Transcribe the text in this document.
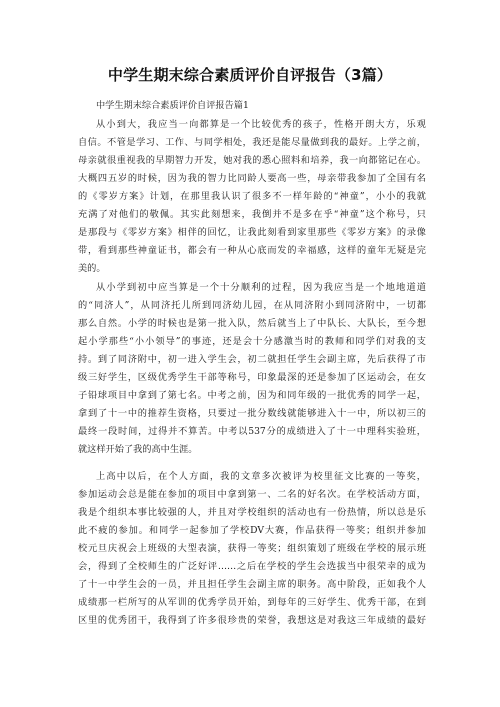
中学生期末综合素质评价自评报告（3篇）

中学生期末综合素质评价自评报告篇1

从小到大，我应当一向都算是一个比较优秀的孩子，性格开朗大方，乐观
自信。不管是学习、工作、与同学相处，我还是能尽量做到我的最好。上学之前，
母亲就很重视我的早期智力开发，她对我的悉心照料和培养，我一向都铭记在心。
大概四五岁的时候，因为我的智力比同龄人要高一些，母亲带我参加了全国有名
的《零岁方案》计划，在那里我认识了很多不一样年龄的“神童”，小小的我就
充满了对他们的敬佩。其实此刻想来，我倒并不是多在乎“神童”这个称号，只
是那段与《零岁方案》相伴的回忆，让我此刻看到家里那些《零岁方案》的录像
带，看到那些神童证书，都会有一种从心底而发的幸福感，这样的童年无疑是完
美的。
从小学到初中应当算是一个十分顺利的过程，因为我应当是一个地地道道
的“同济人”，从同济托儿所到同济幼儿园，在从同济附小到同济附中，一切都
那么自然。小学的时候也是第一批入队，然后就当上了中队长、大队长，至今想
起小学那些“小小领导”的事迹，还是会十分感激当时的教师和同学们对我的支
持。到了同济附中，初一进入学生会，初二就担任学生会副主席，先后获得了市
级三好学生，区级优秀学生干部等称号，印象最深的还是参加了区运动会，在女
子铅球项目中拿到了第七名。中考之前，因为和同年级的一批优秀的同学一起，
拿到了十一中的推荐生资格，只要过一批分数线就能够进入十一中，所以初三的
最终一段时间，过得并不算苦。中考以537分的成绩进入了十一中理科实验班，
就这样开始了我的高中生涯。
上高中以后，在个人方面，我的文章多次被评为校里征文比赛的一等奖，
参加运动会总是能在参加的项目中拿到第一、二名的好名次。在学校活动方面，
我是个组织本事比较强的人，并且对学校组织的活动也有一份热情，所以总是乐
此不疲的参加。和同学一起参加了学校DV大赛，作品获得一等奖；组织并参加
校元旦庆祝会上班级的大型表演，获得一等奖；组织策划了班级在学校的展示班
会，得到了全校师生的广泛好评……之后在学校的学生会选拔当中很荣幸的成为
了十一中学生会的一员，并且担任学生会副主席的职务。高中阶段，正如我个人
成绩那一栏所写的从军训的优秀学员开始，到每年的三好学生、优秀干部，在到
区里的优秀团干，我得到了许多很珍贵的荣誉，我想这是对我这三年成绩的最好
